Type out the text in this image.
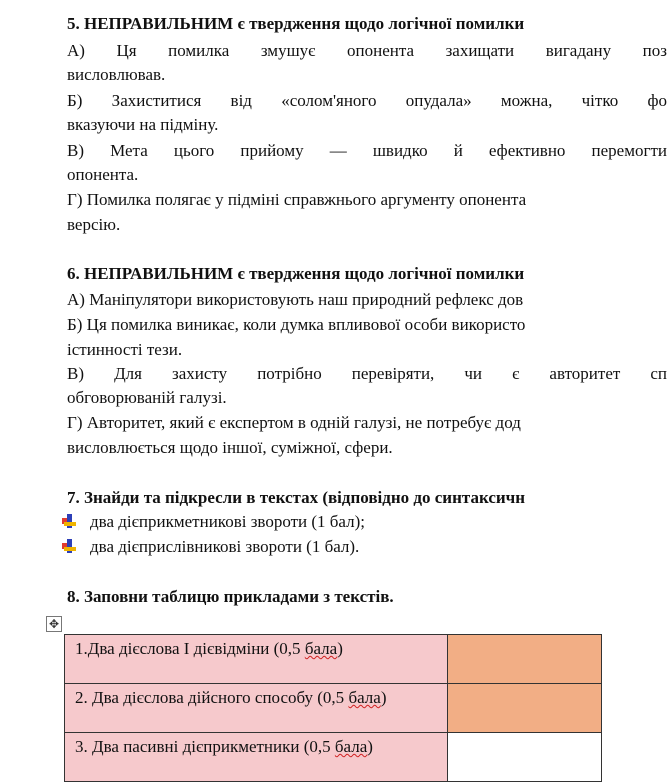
5. НЕПРАВИЛЬНИМ є твердження щодо логічної помилки
А) Ця помилка змушує опонента захищати вигадану поз
висловлював.
Б) Захиститися від «солом'яного опудала» можна, чітко фо
вказуючи на підміну.
В) Мета цього прийому — швидко й ефективно перемогти
опонента.
Г) Помилка полягає у підміні справжнього аргументу опонента
версію.
6. НЕПРАВИЛЬНИМ є твердження щодо логічної помилки
А) Маніпулятори використовують наш природний рефлекс дов
Б) Ця помилка виникає, коли думка впливової особи використо
істинності тези.
В) Для захисту потрібно перевіряти, чи є авторитет сп
обговорюваній галузі.
Г) Авторитет, який є експертом в одній галузі, не потребує дод
висловлюється щодо іншої, суміжної, сфери.
7. Знайди та підкресли в текстах (відповідно до синтаксичн
два дієприкметникові звороти (1 бал);
два дієприслівникові звороти (1 бал).
8. Заповни таблицю прикладами з текстів.
✥
1.Два дієслова І дієвідміни (0,5 бала)	
2. Два дієслова дійсного способу (0,5 бала)	
3. Два пасивні дієприкметники (0,5 бала)	
